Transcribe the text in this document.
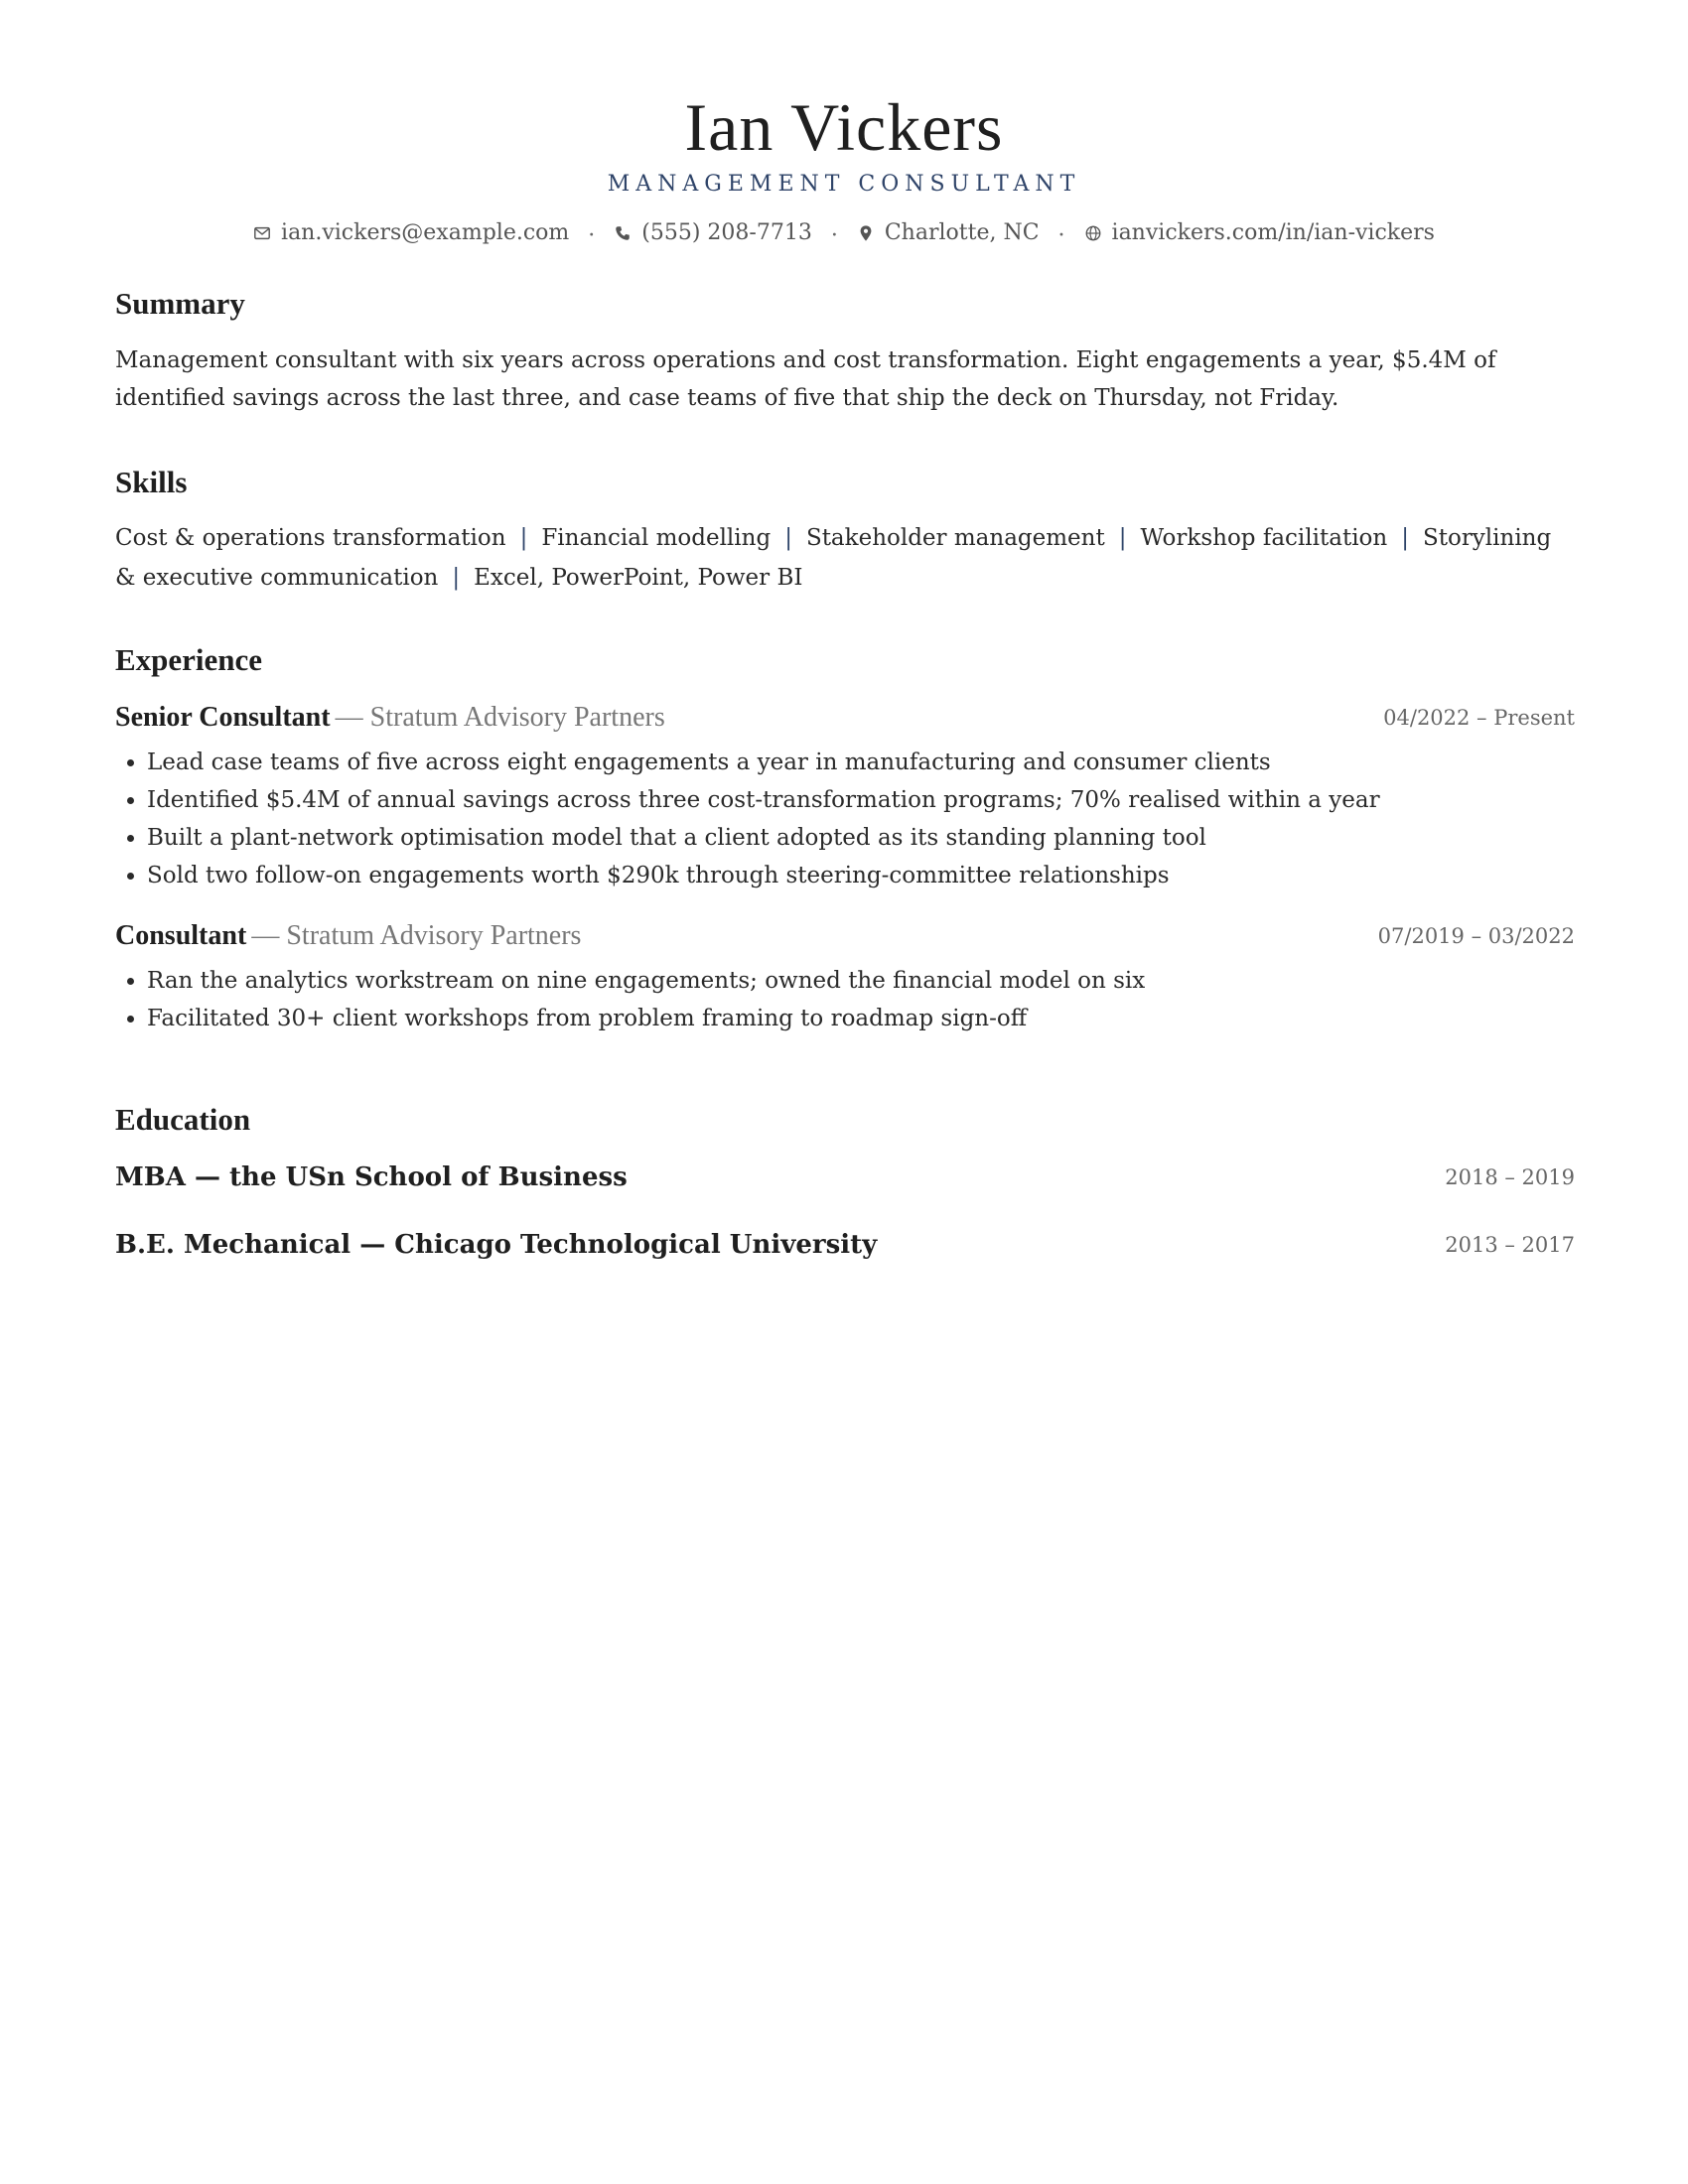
Ian Vickers
MANAGEMENT CONSULTANT
ian.vickers@example.com · (555) 208-7713 · Charlotte, NC · ianvickers.com/in/ian-vickers
Summary
Management consultant with six years across operations and cost transformation. Eight engagements a year, $5.4M of identified savings across the last three, and case teams of five that ship the deck on Thursday, not Friday.
Skills
Cost & operations transformation | Financial modelling | Stakeholder management | Workshop facilitation | Storylining & executive communication | Excel, PowerPoint, Power BI
Experience
Senior Consultant — Stratum Advisory Partners	04/2022 – Present
• Lead case teams of five across eight engagements a year in manufacturing and consumer clients
• Identified $5.4M of annual savings across three cost-transformation programs; 70% realised within a year
• Built a plant-network optimisation model that a client adopted as its standing planning tool
• Sold two follow-on engagements worth $290k through steering-committee relationships
Consultant — Stratum Advisory Partners	07/2019 – 03/2022
• Ran the analytics workstream on nine engagements; owned the financial model on six
• Facilitated 30+ client workshops from problem framing to roadmap sign-off
Education
MBA — the USn School of Business	2018 – 2019
B.E. Mechanical — Chicago Technological University	2013 – 2017
